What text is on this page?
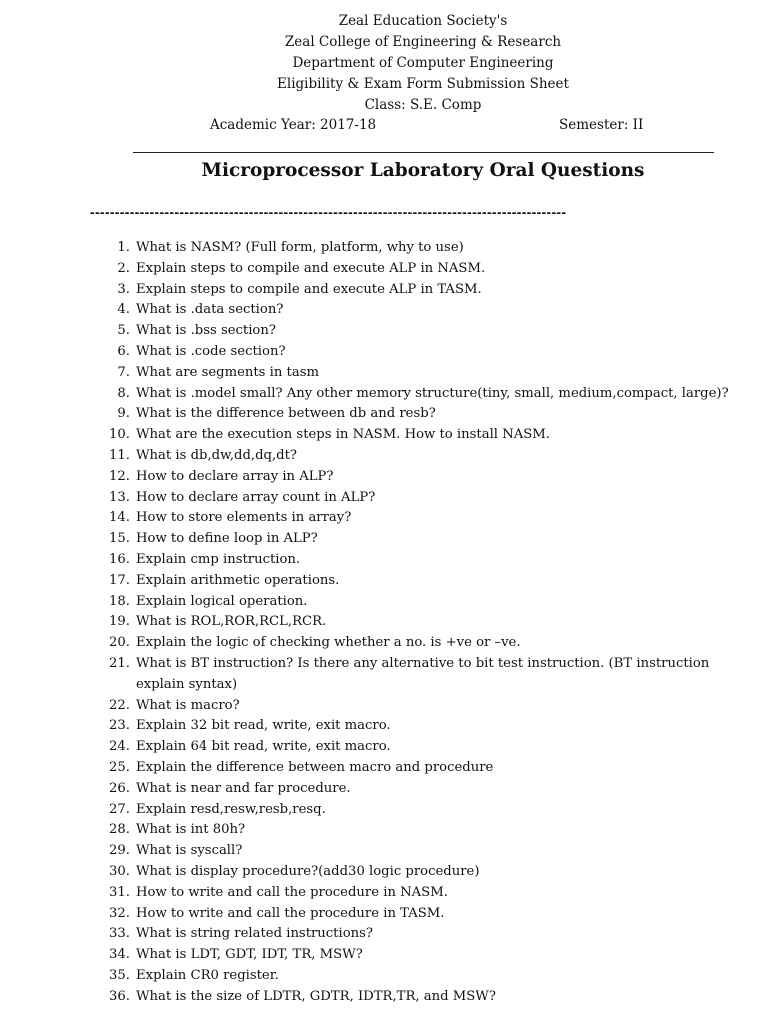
Zeal Education Society's
Zeal College of Engineering & Research
Department of Computer Engineering
Eligibility & Exam Form Submission Sheet
Class: S.E. Comp
Academic Year: 2017-18	Semester: II
Microprocessor Laboratory Oral Questions
------------------------------------------------------------------------------------------------
1. What is NASM? (Full form, platform, why to use)
2. Explain steps to compile and execute ALP in NASM.
3. Explain steps to compile and execute ALP in TASM.
4. What is .data section?
5. What is .bss section?
6. What is .code section?
7. What are segments in tasm
8. What is .model small? Any other memory structure(tiny, small, medium,compact, large)?
9. What is the difference between db and resb?
10. What are the execution steps in NASM. How to install NASM.
11. What is db,dw,dd,dq,dt?
12. How to declare array in ALP?
13. How to declare array count in ALP?
14. How to store elements in array?
15. How to define loop in ALP?
16. Explain cmp instruction.
17. Explain arithmetic operations.
18. Explain logical operation.
19. What is ROL,ROR,RCL,RCR.
20. Explain the logic of checking whether a no. is +ve or –ve.
21. What is BT instruction? Is there any alternative to bit test instruction. (BT instruction explain syntax)
22. What is macro?
23. Explain 32 bit read, write, exit macro.
24. Explain 64 bit read, write, exit macro.
25. Explain the difference between macro and procedure
26. What is near and far procedure.
27. Explain resd,resw,resb,resq.
28. What is int 80h?
29. What is syscall?
30. What is display procedure?(add30 logic procedure)
31. How to write and call the procedure in NASM.
32. How to write and call the procedure in TASM.
33. What is string related instructions?
34. What is LDT, GDT, IDT, TR, MSW?
35. Explain CR0 register.
36. What is the size of LDTR, GDTR, IDTR,TR, and MSW?
